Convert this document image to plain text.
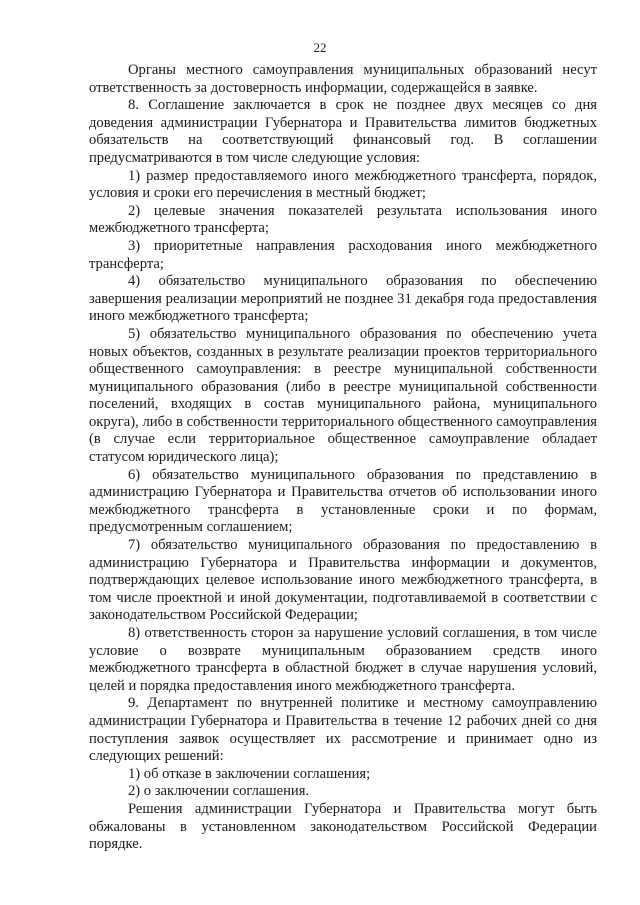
22

Органы местного самоуправления муниципальных образований несут ответственность за достоверность информации, содержащейся в заявке.

8. Соглашение заключается в срок не позднее двух месяцев со дня доведения администрации Губернатора и Правительства лимитов бюджетных обязательств на соответствующий финансовый год. В соглашении предусматриваются в том числе следующие условия:

1) размер предоставляемого иного межбюджетного трансферта, порядок, условия и сроки его перечисления в местный бюджет;

2) целевые значения показателей результата использования иного межбюджетного трансферта;

3) приоритетные направления расходования иного межбюджетного трансферта;

4) обязательство муниципального образования по обеспечению завершения реализации мероприятий не позднее 31 декабря года предоставления иного межбюджетного трансферта;

5) обязательство муниципального образования по обеспечению учета новых объектов, созданных в результате реализации проектов территориального общественного самоуправления: в реестре муниципальной собственности муниципального образования (либо в реестре муниципальной собственности поселений, входящих в состав муниципального района, муниципального округа), либо в собственности территориального общественного самоуправления (в случае если территориальное общественное самоуправление обладает статусом юридического лица);

6) обязательство муниципального образования по представлению в администрацию Губернатора и Правительства отчетов об использовании иного межбюджетного трансферта в установленные сроки и по формам, предусмотренным соглашением;

7) обязательство муниципального образования по предоставлению в администрацию Губернатора и Правительства информации и документов, подтверждающих целевое использование иного межбюджетного трансферта, в том числе проектной и иной документации, подготавливаемой в соответствии с законодательством Российской Федерации;

8) ответственность сторон за нарушение условий соглашения, в том числе условие о возврате муниципальным образованием средств иного межбюджетного трансферта в областной бюджет в случае нарушения условий, целей и порядка предоставления иного межбюджетного трансферта.

9. Департамент по внутренней политике и местному самоуправлению администрации Губернатора и Правительства в течение 12 рабочих дней со дня поступления заявок осуществляет их рассмотрение и принимает одно из следующих решений:

1) об отказе в заключении соглашения;

2) о заключении соглашения.

Решения администрации Губернатора и Правительства могут быть обжалованы в установленном законодательством Российской Федерации порядке.
